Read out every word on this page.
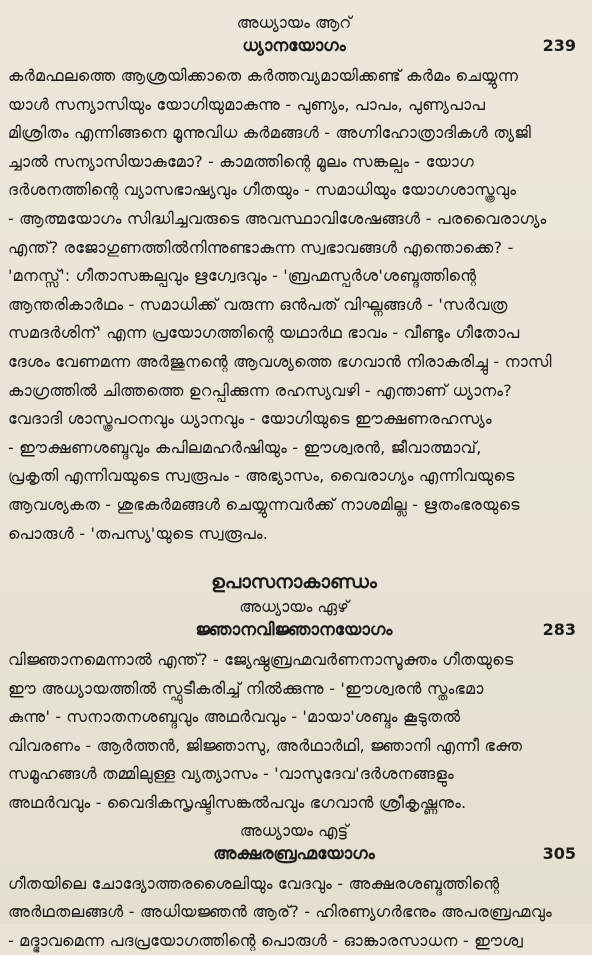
അധ്യായം ആറ്
ധ്യാനയോഗം	239
കർമഫലത്തെ ആശ്രയിക്കാതെ കർത്തവ്യമായിക്കണ്ട് കർമം ചെയ്യുന്ന
യാൾ സന്യാസിയും യോഗിയുമാകുന്നു - പുണ്യം, പാപം, പുണ്യപാപ
മിശ്രിതം എന്നിങ്ങനെ മൂന്നുവിധ കർമങ്ങൾ - അഗ്നിഹോത്രാദികൾ ത്യജി
ച്ചാൽ സന്യാസിയാകുമോ? - കാമത്തിന്റെ മൂലം സങ്കല്പം - യോഗ
ദർശനത്തിന്റെ വ്യാസഭാഷ്യവും ഗീതയും - സമാധിയും യോഗശാസ്ത്രവും
- ആത്മയോഗം സിദ്ധിച്ചവരുടെ അവസ്ഥാവിശേഷങ്ങൾ - പരവൈരാഗ്യം
എന്ത്? രജോഗുണത്തിൽനിന്നുണ്ടാകുന്ന സ്വഭാവങ്ങൾ എന്തൊക്കെ? -
'മനസ്സ്': ഗീതാസങ്കല്പവും ഋഗ്വേദവും - 'ബ്രഹ്മസ്പർശ'ശബ്ദത്തിന്റെ
ആന്തരികാർഥം - സമാധിക്ക് വരുന്ന ഒൻപത് വിഘ്നങ്ങൾ - 'സർവത്ര
സമദർശിന്' എന്ന പ്രയോഗത്തിന്റെ യഥാർഥ ഭാവം - വീണ്ടും ഗീതോപ
ദേശം വേണമന്ന അർജുനന്റെ ആവശ്യത്തെ ഭഗവാൻ നിരാകരിച്ചു - നാസി
കാഗ്രത്തിൽ ചിത്തത്തെ ഉറപ്പിക്കുന്ന രഹസ്യവഴി - എന്താണ് ധ്യാനം?
വേദാദി ശാസ്ത്രപഠനവും ധ്യാനവും - യോഗിയുടെ ഈക്ഷണരഹസ്യം
- ഈക്ഷണശബ്ദവും കപിലമഹർഷിയും - ഈശ്വരൻ, ജീവാത്മാവ്,
പ്രകൃതി എന്നിവയുടെ സ്വരൂപം - അഭ്യാസം, വൈരാഗ്യം എന്നിവയുടെ
ആവശ്യകത - ശുഭകർമങ്ങൾ ചെയ്യുന്നവർക്ക് നാശമില്ല - ഋതംഭരയുടെ
പൊരുൾ - 'തപസ്യ'യുടെ സ്വരൂപം.
ഉപാസനാകാണ്ഡം
അധ്യായം ഏഴ്
ജ്ഞാനവിജ്ഞാനയോഗം	283
വിജ്ഞാനമെന്നാൽ എന്ത്? - ജ്യേഷ്ഠബ്രഹ്മവർണനാസൂക്തം ഗീതയുടെ
ഈ അധ്യായത്തിൽ സ്ഫുടീകരിച്ച് നിൽക്കുന്നു - 'ഈശ്വരൻ സ്തംഭമാ
കുന്നു' - സനാതനശബ്ദവും അഥർവവും - 'മായാ'ശബ്ദം കൂടുതൽ
വിവരണം - ആർത്തൻ, ജിജ്ഞാസു, അർഥാർഥി, ജ്ഞാനി എന്നീ ഭക്ത
സമൂഹങ്ങൾ തമ്മിലുള്ള വ്യത്യാസം - 'വാസുദേവ'ദർശനങ്ങളും
അഥർവവും - വൈദികസൃഷ്ടിസങ്കൽപവും ഭഗവാൻ ശ്രീകൃഷ്ണനും.
അധ്യായം എട്ട്
അക്ഷരബ്രഹ്മയോഗം	305
ഗീതയിലെ ചോദ്യോത്തരശൈലിയും വേദവും - അക്ഷരശബ്ദത്തിന്റെ
അർഥതലങ്ങൾ - അധിയജ്ഞൻ ആര്? - ഹിരണ്യഗർഭനും അപരബ്രഹ്മവും
- മദ്ഭാവമെന്ന പദപ്രയോഗത്തിന്റെ പൊരുൾ - ഓങ്കാരസാധന - ഈശ്വ
